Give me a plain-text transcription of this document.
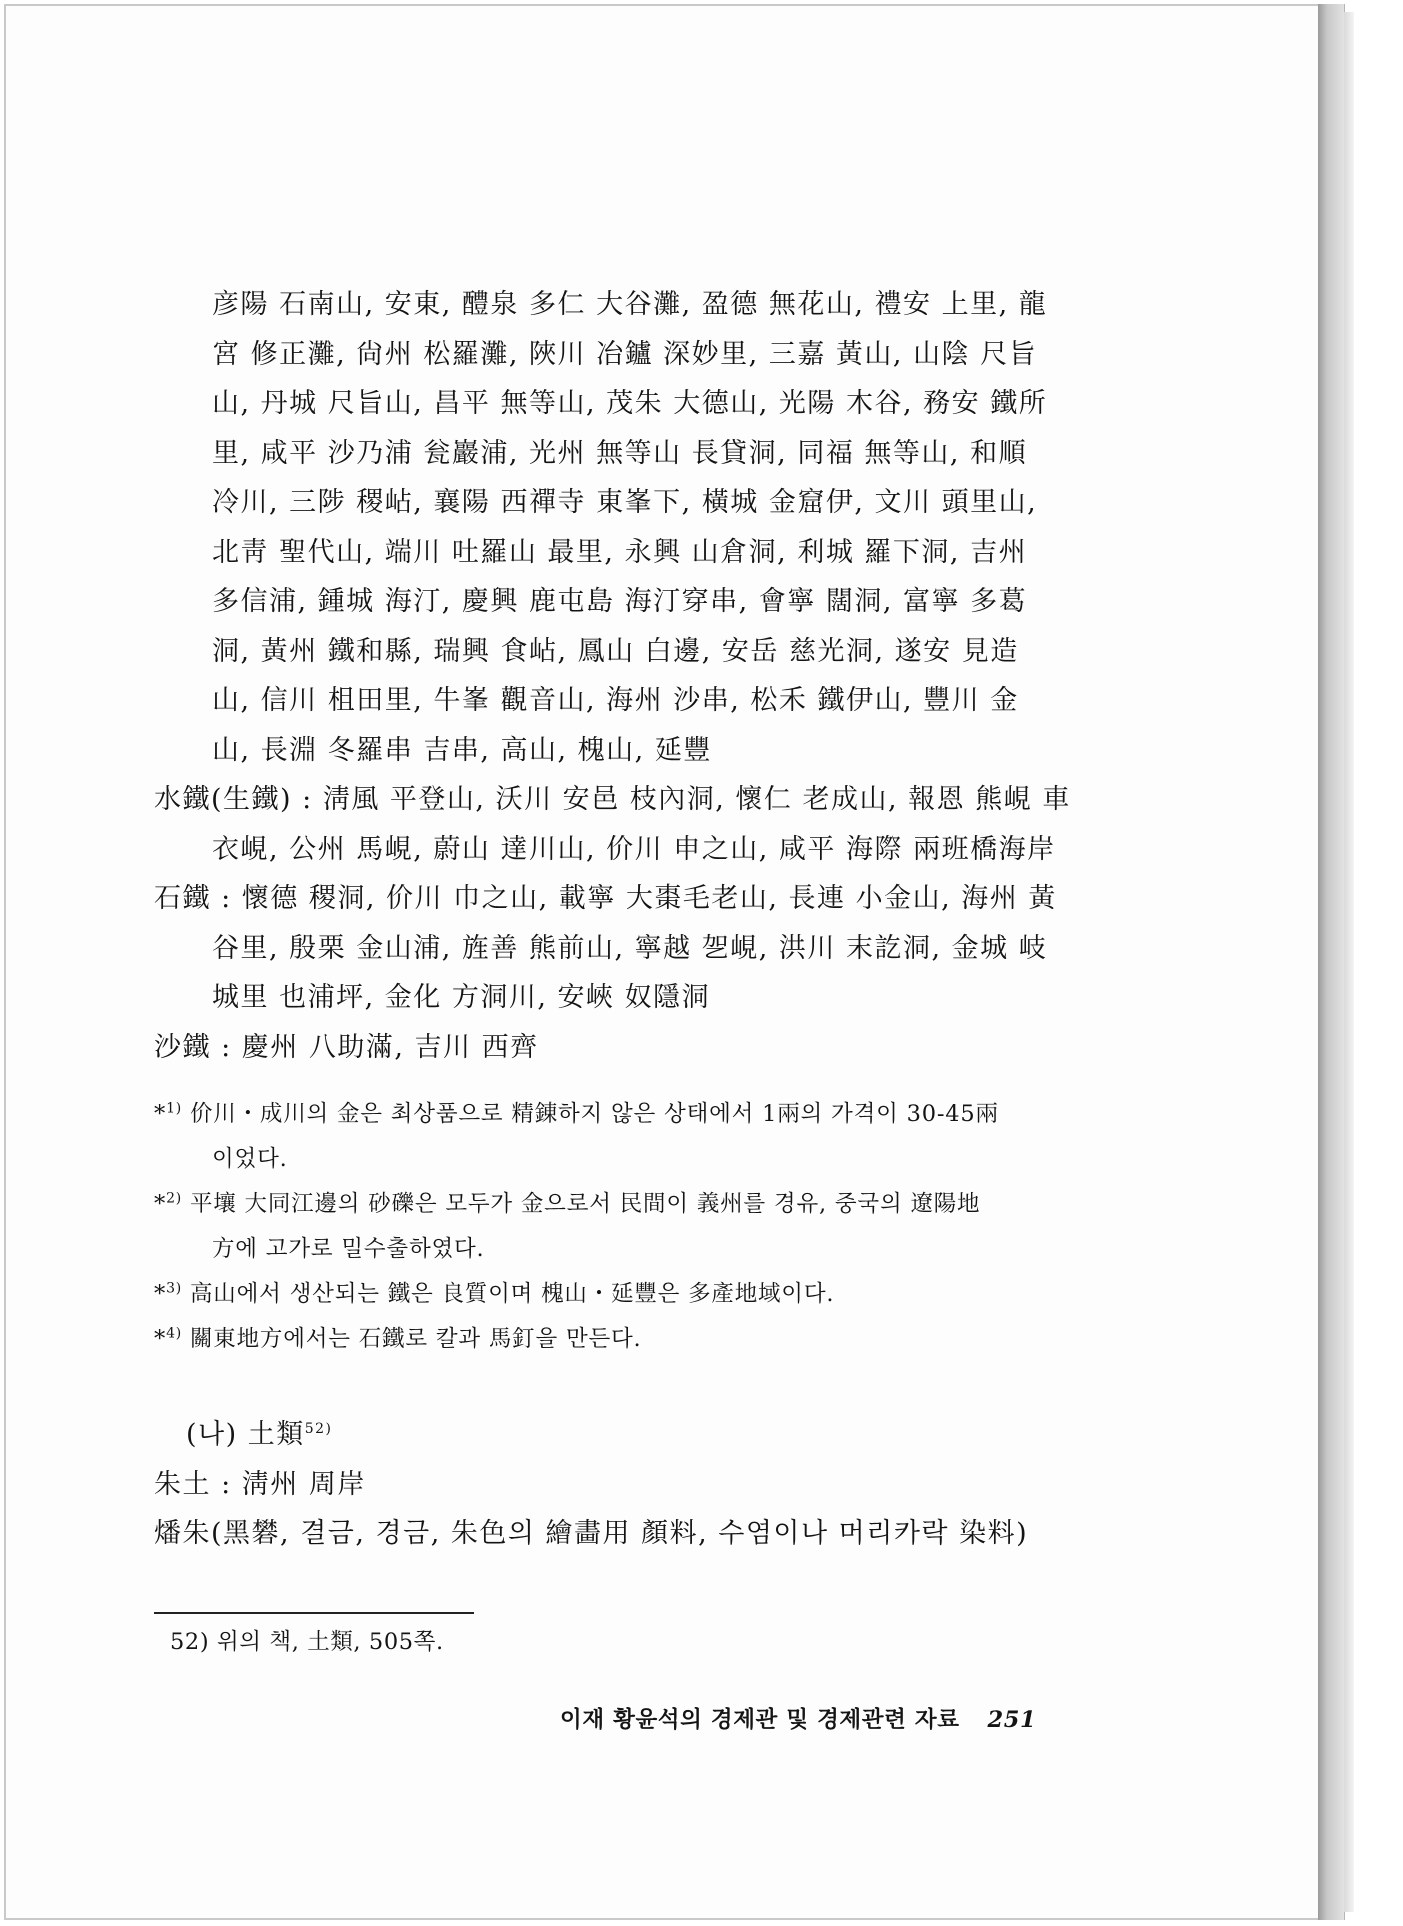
彦陽 石南山, 安東, 醴泉 多仁 大谷灘, 盈德 無花山, 禮安 上里, 龍
宮 修正灘, 尙州 松羅灘, 陜川 冶鑪 深妙里, 三嘉 黃山, 山陰 尺旨
山, 丹城 尺旨山, 昌平 無等山, 茂朱 大德山, 光陽 木谷, 務安 鐵所
里, 咸平 沙乃浦 瓮巖浦, 光州 無等山 長貸洞, 同福 無等山, 和順
冷川, 三陟 稷岾, 襄陽 西禪寺 東峯下, 橫城 金窟伊, 文川 頭里山,
北靑 聖代山, 端川 吐羅山 最里, 永興 山倉洞, 利城 羅下洞, 吉州
多信浦, 鍾城 海汀, 慶興 鹿屯島 海汀穿串, 會寧 闊洞, 富寧 多葛
洞, 黃州 鐵和縣, 瑞興 食岾, 鳳山 白邊, 安岳 慈光洞, 遂安 見造
山, 信川 柤田里, 牛峯 觀音山, 海州 沙串, 松禾 鐵伊山, 豐川 金
山, 長淵 冬羅串 吉串, 高山, 槐山, 延豐
水鐵(生鐵) : 淸風 平登山, 沃川 安邑 枝內洞, 懷仁 老成山, 報恩 熊峴 車
衣峴, 公州 馬峴, 蔚山 達川山, 价川 申之山, 咸平 海際 兩班橋海岸
石鐵 : 懷德 稷洞, 价川 巾之山, 載寧 大棗毛老山, 長連 小金山, 海州 黃
谷里, 殷栗 金山浦, 旌善 熊前山, 寧越 乫峴, 洪川 末訖洞, 金城 岐
城里 也浦坪, 金化 方洞川, 安峽 奴隱洞
沙鐵 : 慶州 八助滿, 吉川 西齊
*$^{1)}$ 价川・成川의 金은 최상품으로 精錬하지 않은 상태에서 1兩의 가격이 30-45兩
이었다.
*$^{2)}$ 平壤 大同江邊의 砂礫은 모두가 金으로서 民間이 義州를 경유, 중국의 遼陽地
方에 고가로 밀수출하였다.
*$^{3)}$ 高山에서 생산되는 鐵은 良質이며 槐山・延豐은 多產地域이다.
*$^{4)}$ 關東地方에서는 石鐵로 칼과 馬釘을 만든다.
(나) 土類$^{52)}$
朱土 : 淸州 周岸
燔朱(黑礬, 결금, 경금, 朱色의 繪畵用 顏料, 수염이나 머리카락 染料)
52) 위의 책, 土類, 505쪽.
이재 황윤석의 경제관 및 경제관련 자료 251
